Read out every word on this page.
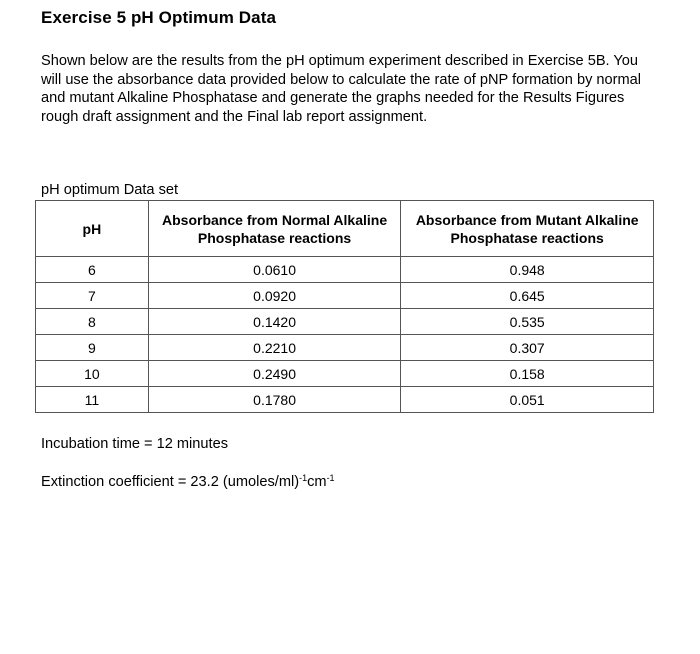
Exercise 5 pH Optimum Data
Shown below are the results from the pH optimum experiment described in Exercise 5B. You will use the absorbance data provided below to calculate the rate of pNP formation by normal and mutant Alkaline Phosphatase and generate the graphs needed for the Results Figures rough draft assignment and the Final lab report assignment.
pH optimum Data set
pH	Absorbance from Normal Alkaline Phosphatase reactions	Absorbance from Mutant Alkaline Phosphatase reactions
6	0.0610	0.948
7	0.0920	0.645
8	0.1420	0.535
9	0.2210	0.307
10	0.2490	0.158
11	0.1780	0.051
Incubation time = 12 minutes
Extinction coefficient = 23.2 $(umoles/ml)^{-1}cm^{-1}$
